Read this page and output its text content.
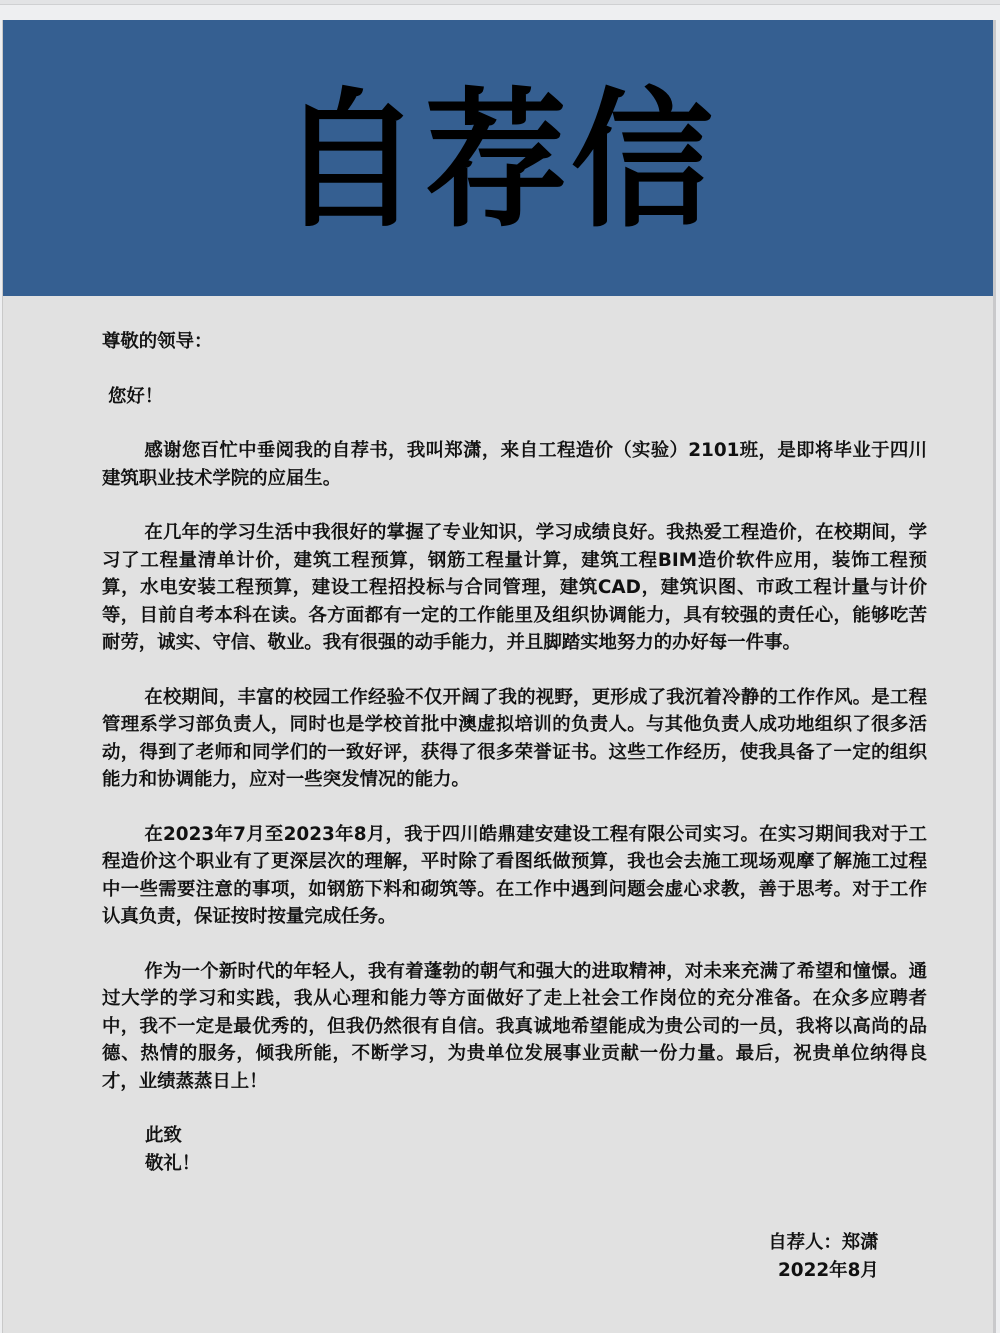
自荐信

尊敬的领导：

您好！

感谢您百忙中垂阅我的自荐书，我叫郑潇，来自工程造价（实验）2101班，是即将毕业于四川建筑职业技术学院的应届生。

在几年的学习生活中我很好的掌握了专业知识，学习成绩良好。我热爱工程造价，在校期间，学习了工程量清单计价，建筑工程预算，钢筋工程量计算，建筑工程BIM造价软件应用，装饰工程预算，水电安装工程预算，建设工程招投标与合同管理，建筑CAD，建筑识图、市政工程计量与计价等，目前自考本科在读。各方面都有一定的工作能里及组织协调能力，具有较强的责任心，能够吃苦耐劳，诚实、守信、敬业。我有很强的动手能力，并且脚踏实地努力的办好每一件事。

在校期间，丰富的校园工作经验不仅开阔了我的视野，更形成了我沉着冷静的工作作风。是工程管理系学习部负责人，同时也是学校首批中澳虚拟培训的负责人。与其他负责人成功地组织了很多活动，得到了老师和同学们的一致好评，获得了很多荣誉证书。这些工作经历，使我具备了一定的组织能力和协调能力，应对一些突发情况的能力。

在2023年7月至2023年8月，我于四川皓鼎建安建设工程有限公司实习。在实习期间我对于工程造价这个职业有了更深层次的理解，平时除了看图纸做预算，我也会去施工现场观摩了解施工过程中一些需要注意的事项，如钢筋下料和砌筑等。在工作中遇到问题会虚心求教，善于思考。对于工作认真负责，保证按时按量完成任务。

作为一个新时代的年轻人，我有着蓬勃的朝气和强大的进取精神，对未来充满了希望和憧憬。通过大学的学习和实践，我从心理和能力等方面做好了走上社会工作岗位的充分准备。在众多应聘者中，我不一定是最优秀的，但我仍然很有自信。我真诚地希望能成为贵公司的一员，我将以高尚的品德、热情的服务，倾我所能，不断学习，为贵单位发展事业贡献一份力量。最后，祝贵单位纳得良才，业绩蒸蒸日上！

此致
敬礼！
自荐人：郑潇
2022年8月
